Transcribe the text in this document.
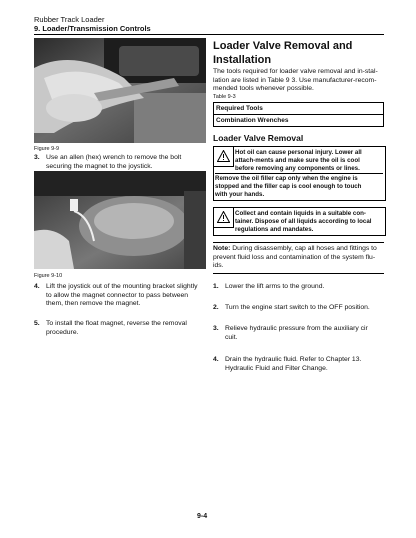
Rubber Track Loader
9. Loader/Transmission Controls
Figure 9-9
3. Use an allen (hex) wrench to remove the bolt
securing the magnet to the joystick.
Figure 9-10
4. Lift the joystick out of the mounting bracket slightly
to allow the magnet connector to pass between
them, then remove the magnet.
5. To install the float magnet, reverse the removal
procedure.
Loader Valve Removal and
Installation
The tools required for loader valve removal and in-stal-
lation are listed in Table 9 3. Use manufacturer-recom-
mended tools whenever possible.
Table 9-3
Required Tools
Combination Wrenches
Loader Valve Removal
Hot oil can cause personal injury. Lower all
attach-ments and make sure the oil is cool
before removing any components or lines.
Remove the oil filler cap only when the engine is
stopped and the filler cap is cool enough to touch
with your hands.
Collect and contain liquids in a suitable con-
tainer. Dispose of all liquids according to local
regulations and mandates.
Note: During disassembly, cap all hoses and fittings to
prevent fluid loss and contamination of the system flu-
ids.
1. Lower the lift arms to the ground.
2. Turn the engine start switch to the OFF position.
3. Relieve hydraulic pressure from the auxiliary cir
cuit.
4. Drain the hydraulic fluid. Refer to Chapter 13.
Hydraulic Fluid and Filter Change.
9-4
